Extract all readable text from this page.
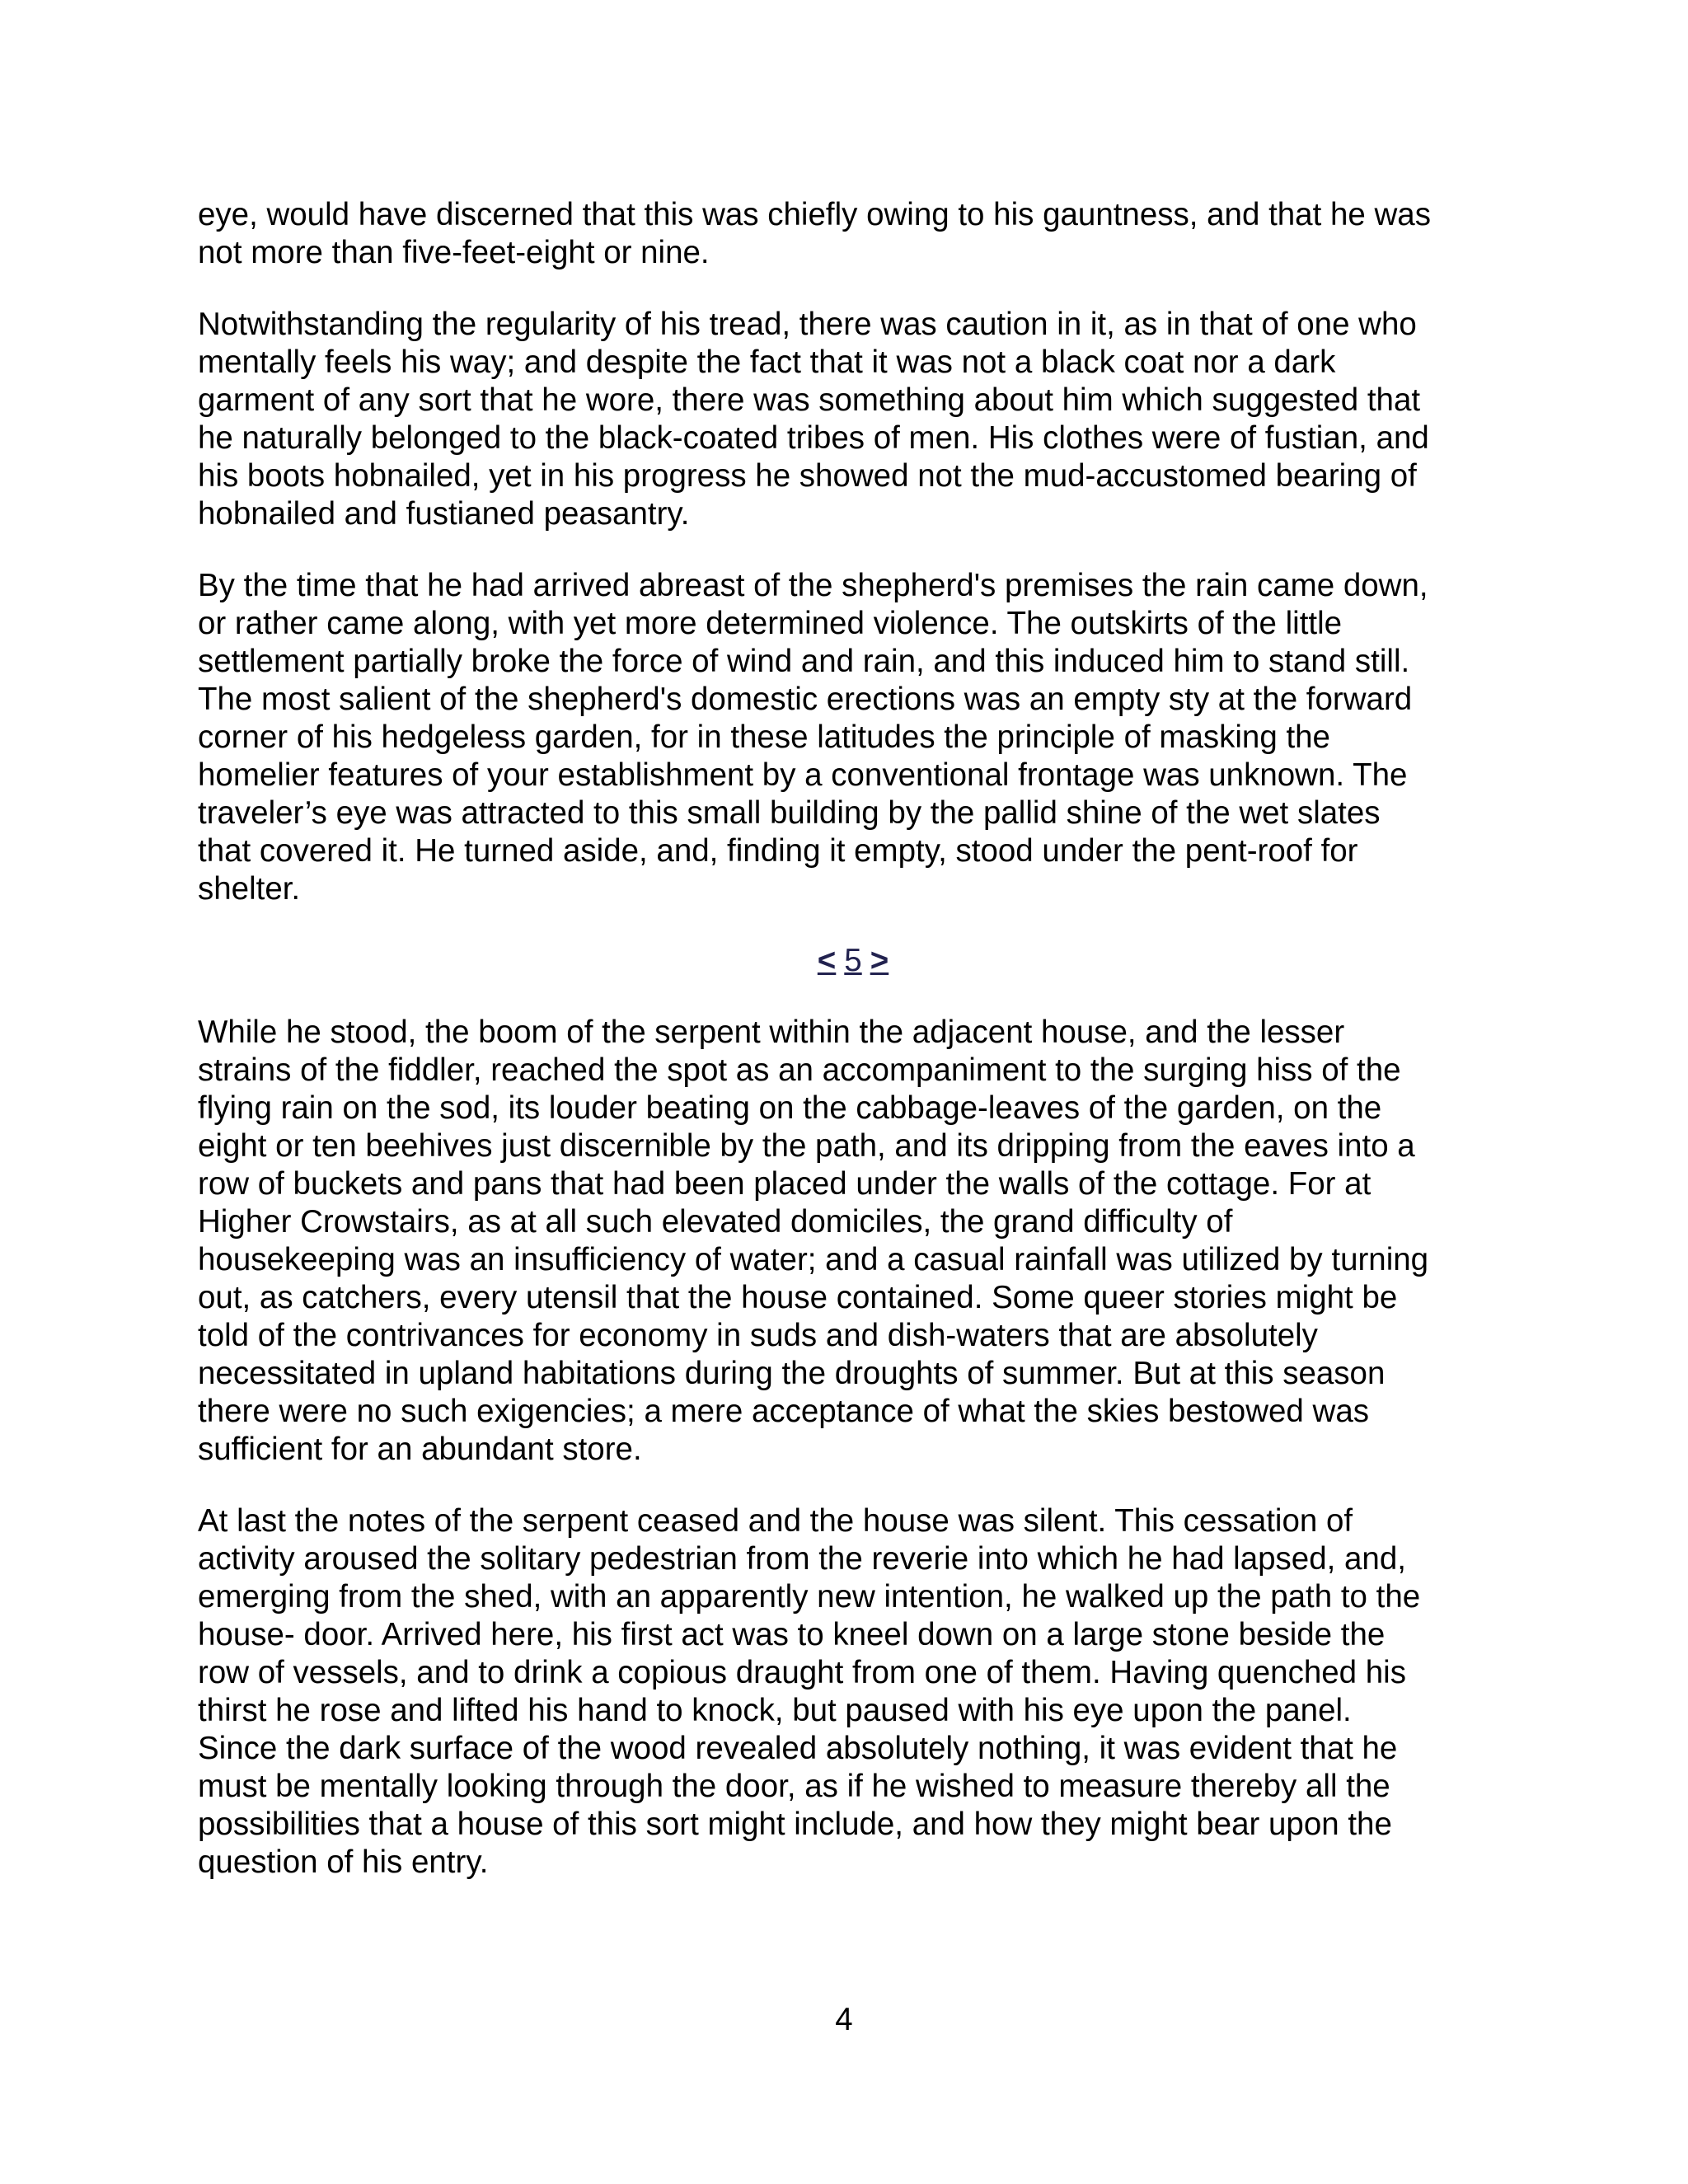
eye, would have discerned that this was chiefly owing to his gauntness, and that he was
not more than five-feet-eight or nine.

Notwithstanding the regularity of his tread, there was caution in it, as in that of one who
mentally feels his way; and despite the fact that it was not a black coat nor a dark
garment of any sort that he wore, there was something about him which suggested that
he naturally belonged to the black-coated tribes of men. His clothes were of fustian, and
his boots hobnailed, yet in his progress he showed not the mud-accustomed bearing of
hobnailed and fustianed peasantry.

By the time that he had arrived abreast of the shepherd's premises the rain came down,
or rather came along, with yet more determined violence. The outskirts of the little
settlement partially broke the force of wind and rain, and this induced him to stand still.
The most salient of the shepherd's domestic erections was an empty sty at the forward
corner of his hedgeless garden, for in these latitudes the principle of masking the
homelier features of your establishment by a conventional frontage was unknown. The
traveler’s eye was attracted to this small building by the pallid shine of the wet slates
that covered it. He turned aside, and, finding it empty, stood under the pent-roof for
shelter.

< 5 >

While he stood, the boom of the serpent within the adjacent house, and the lesser
strains of the fiddler, reached the spot as an accompaniment to the surging hiss of the
flying rain on the sod, its louder beating on the cabbage-leaves of the garden, on the
eight or ten beehives just discernible by the path, and its dripping from the eaves into a
row of buckets and pans that had been placed under the walls of the cottage. For at
Higher Crowstairs, as at all such elevated domiciles, the grand difficulty of
housekeeping was an insufficiency of water; and a casual rainfall was utilized by turning
out, as catchers, every utensil that the house contained. Some queer stories might be
told of the contrivances for economy in suds and dish-waters that are absolutely
necessitated in upland habitations during the droughts of summer. But at this season
there were no such exigencies; a mere acceptance of what the skies bestowed was
sufficient for an abundant store.

At last the notes of the serpent ceased and the house was silent. This cessation of
activity aroused the solitary pedestrian from the reverie into which he had lapsed, and,
emerging from the shed, with an apparently new intention, he walked up the path to the
house- door. Arrived here, his first act was to kneel down on a large stone beside the
row of vessels, and to drink a copious draught from one of them. Having quenched his
thirst he rose and lifted his hand to knock, but paused with his eye upon the panel.
Since the dark surface of the wood revealed absolutely nothing, it was evident that he
must be mentally looking through the door, as if he wished to measure thereby all the
possibilities that a house of this sort might include, and how they might bear upon the
question of his entry.

4
